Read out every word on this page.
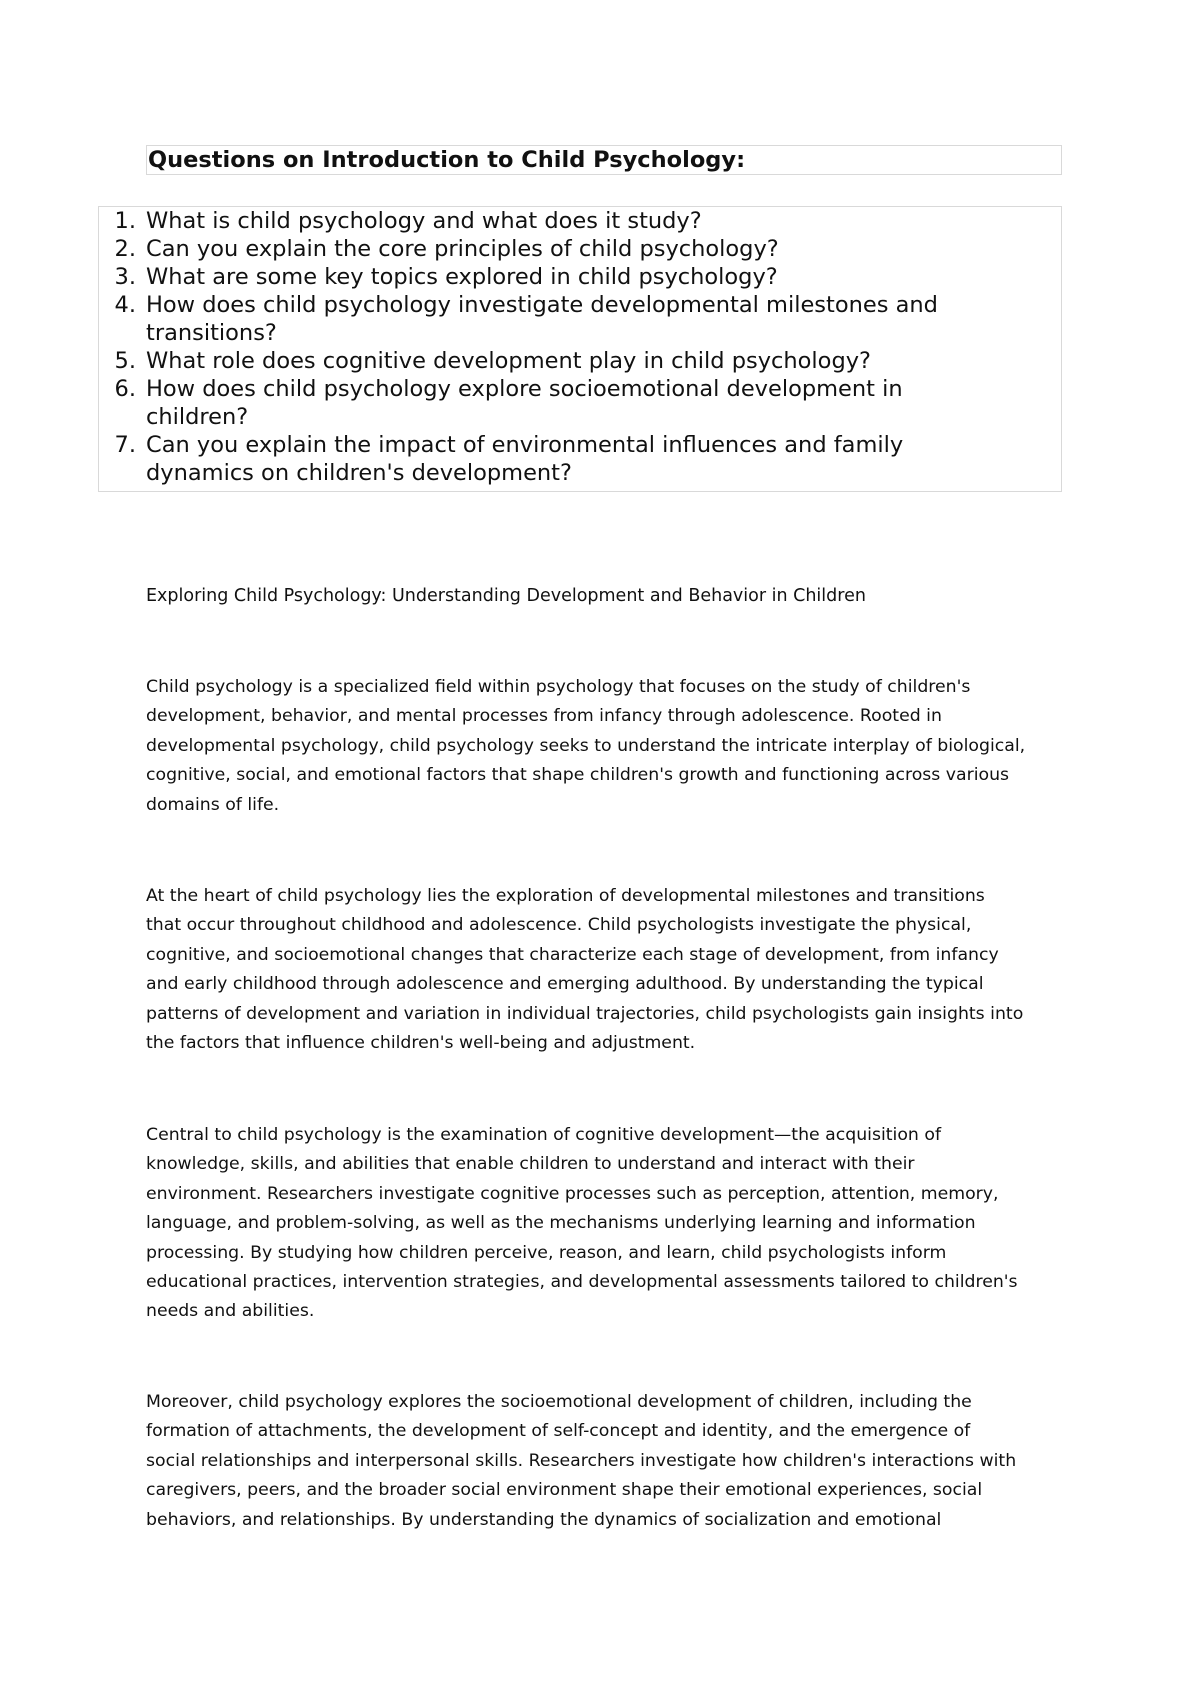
Questions on Introduction to Child Psychology:
1. What is child psychology and what does it study?
2. Can you explain the core principles of child psychology?
3. What are some key topics explored in child psychology?
4. How does child psychology investigate developmental milestones and
transitions?
5. What role does cognitive development play in child psychology?
6. How does child psychology explore socioemotional development in
children?
7. Can you explain the impact of environmental influences and family
dynamics on children's development?
Exploring Child Psychology: Understanding Development and Behavior in Children

Child psychology is a specialized field within psychology that focuses on the study of children's
development, behavior, and mental processes from infancy through adolescence. Rooted in
developmental psychology, child psychology seeks to understand the intricate interplay of biological,
cognitive, social, and emotional factors that shape children's growth and functioning across various
domains of life.

At the heart of child psychology lies the exploration of developmental milestones and transitions
that occur throughout childhood and adolescence. Child psychologists investigate the physical,
cognitive, and socioemotional changes that characterize each stage of development, from infancy
and early childhood through adolescence and emerging adulthood. By understanding the typical
patterns of development and variation in individual trajectories, child psychologists gain insights into
the factors that influence children's well-being and adjustment.

Central to child psychology is the examination of cognitive development—the acquisition of
knowledge, skills, and abilities that enable children to understand and interact with their
environment. Researchers investigate cognitive processes such as perception, attention, memory,
language, and problem-solving, as well as the mechanisms underlying learning and information
processing. By studying how children perceive, reason, and learn, child psychologists inform
educational practices, intervention strategies, and developmental assessments tailored to children's
needs and abilities.

Moreover, child psychology explores the socioemotional development of children, including the
formation of attachments, the development of self-concept and identity, and the emergence of
social relationships and interpersonal skills. Researchers investigate how children's interactions with
caregivers, peers, and the broader social environment shape their emotional experiences, social
behaviors, and relationships. By understanding the dynamics of socialization and emotional
